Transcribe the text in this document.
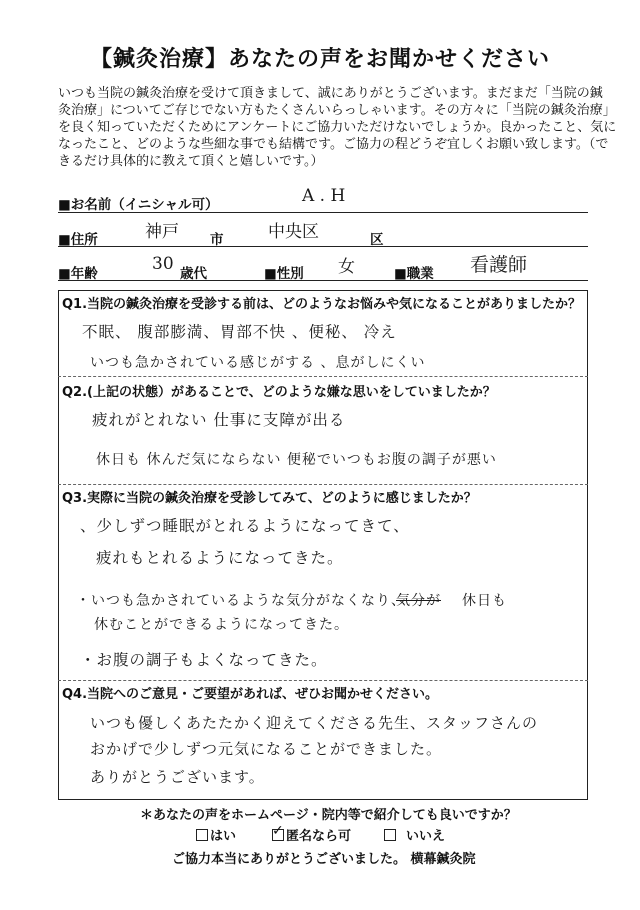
【鍼灸治療】あなたの声をお聞かせください
いつも当院の鍼灸治療を受けて頂きまして、誠にありがとうございます。まだまだ「当院の鍼
灸治療」についてご存じでない方もたくさんいらっしゃいます。その方々に「当院の鍼灸治療」
を良く知っていただくためにアンケートにご協力いただけないでしょうか。良かったこと、気に
なったこと、どのような些細な事でも結構です。ご協力の程どうぞ宜しくお願い致します。（で
きるだけ具体的に教えて頂くと嬉しいです。）
■お名前（イニシャル可）	A . H
■住所	神戸 市	中央区	区
■年齢	30 歳代	■性別 女	■職業 看護師
Q1.当院の鍼灸治療を受診する前は、どのようなお悩みや気になることがありましたか？
不眠、 腹部膨満、胃部不快 、便秘、 冷え
いつも急かされている感じがする 、息がしにくい
Q2.(上記の状態）があることで、どのような嫌な思いをしていましたか？
疲れがとれない 仕事に支障が出る
休日も 休んだ気にならない 便秘でいつもお腹の調子が悪い
Q3.実際に当院の鍼灸治療を受診してみて、どのように感じましたか？
、少しずつ睡眠がとれるようになってきて、
疲れもとれるようになってきた。
・いつも急かされているような気分がなくなり、
気分が 休日も
休むことができるようになってきた。
・お腹の調子もよくなってきた。
Q4.当院へのご意見・ご要望があれば、ぜひお聞かせください。
いつも優しくあたたかく迎えてくださる先生、スタッフさんの
おかげで少しずつ元気になることができました。
ありがとうございます。
＊あなたの声をホームページ・院内等で紹介しても良いですか？
はい	✓ 匿名なら可	いいえ
ご協力本当にありがとうございました。 横幕鍼灸院
